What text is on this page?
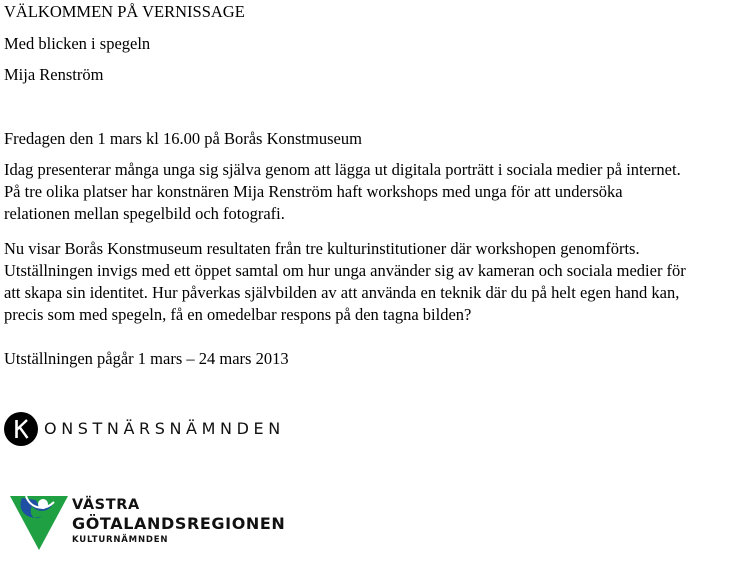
VÄLKOMMEN PÅ VERNISSAGE

Med blicken i spegeln

Mija Renström

Fredagen den 1 mars kl 16.00 på Borås Konstmuseum

Idag presenterar många unga sig själva genom att lägga ut digitala porträtt i sociala medier på internet.
På tre olika platser har konstnären Mija Renström haft workshops med unga för att undersöka
relationen mellan spegelbild och fotografi.
Nu visar Borås Konstmuseum resultaten från tre kulturinstitutioner där workshopen genomförts.
Utställningen invigs med ett öppet samtal om hur unga använder sig av kameran och sociala medier för
att skapa sin identitet. Hur påverkas självbilden av att använda en teknik där du på helt egen hand kan,
precis som med spegeln, få en omedelbar respons på den tagna bilden?

Utställningen pågår 1 mars – 24 mars 2013

ONSTNÄRSNÄMNDEN
VÄSTRA
GÖTALANDSREGIONEN
KULTURNÄMNDEN
